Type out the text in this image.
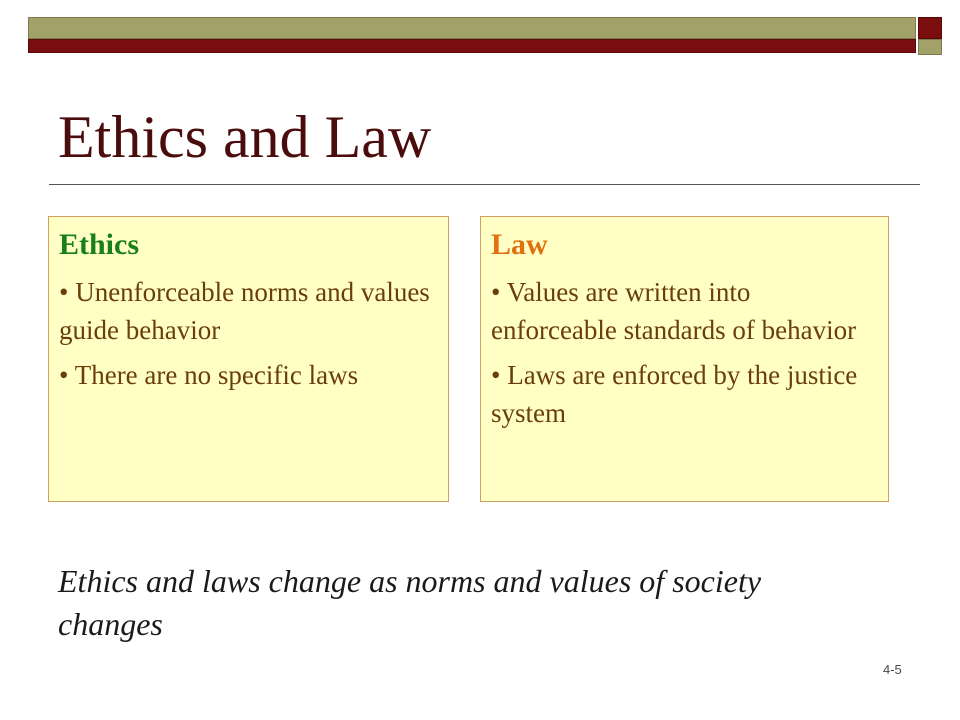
Ethics and Law
Ethics
• Unenforceable norms and values guide behavior
• There are no specific laws
Law
• Values are written into enforceable standards of behavior
• Laws are enforced by the justice system
Ethics and laws change as norms and values of society changes
4-5
